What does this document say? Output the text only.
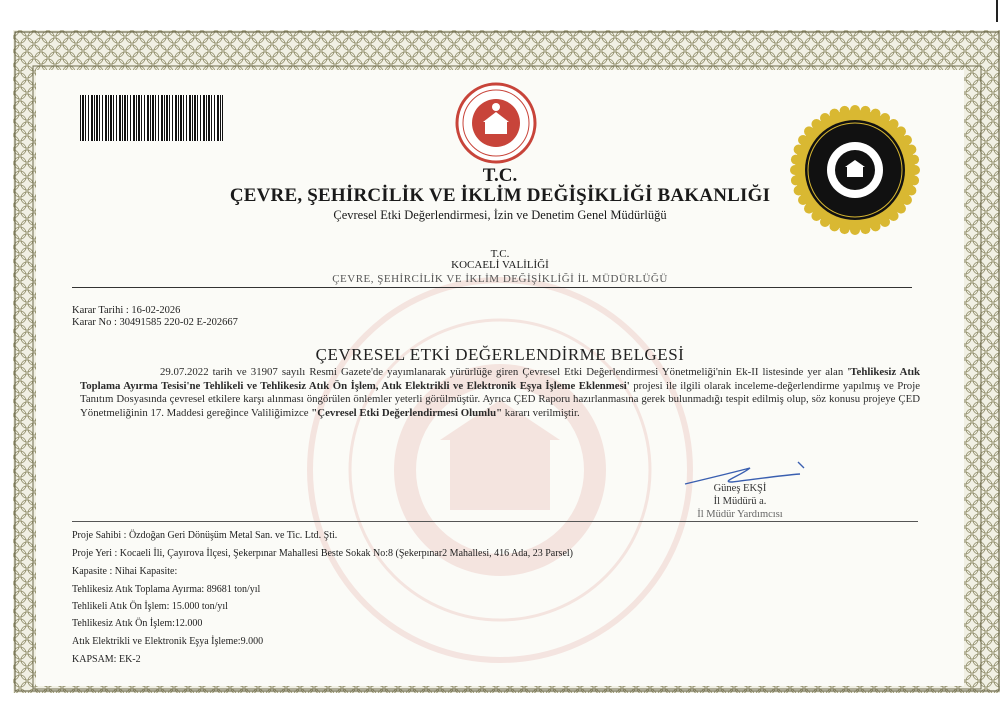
T.C.
ÇEVRE, ŞEHİRCİLİK VE İKLİM DEĞİŞİKLİĞİ BAKANLIĞI
Çevresel Etki Değerlendirmesi, İzin ve Denetim Genel Müdürlüğü
T.C.
KOCAELİ VALİLİĞİ
ÇEVRE, ŞEHİRCİLİK VE İKLİM DEĞİŞİKLİĞİ İL MÜDÜRLÜĞÜ
Karar Tarihi : 16-02-2026
Karar No : 30491585 220-02 E-202667
ÇEVRESEL ETKİ DEĞERLENDİRME BELGESİ

29.07.2022 tarih ve 31907 sayılı Resmi Gazete'de yayımlanarak yürürlüğe giren Çevresel Etki Değerlendirmesi Yönetmeliği'nin Ek-II listesinde yer alan 'Tehlikesiz Atık Toplama Ayırma Tesisi'ne Tehlikeli ve Tehlikesiz Atık Ön İşlem, Atık Elektrikli ve Elektronik Eşya İşleme Eklenmesi' projesi ile ilgili olarak inceleme-değerlendirme yapılmış ve Proje Tanıtım Dosyasında çevresel etkilere karşı alınması öngörülen önlemler yeterli görülmüştür. Ayrıca ÇED Raporu hazırlanmasına gerek bulunmadığı tespit edilmiş olup, söz konusu projeye ÇED Yönetmeliğinin 17. Maddesi gereğince Valiliğimizce "Çevresel Etki Değerlendirmesi Olumlu" kararı verilmiştir.

Güneş EKŞİ
İl Müdürü a.
İl Müdür Yardımcısı
Proje Sahibi : Özdoğan Geri Dönüşüm Metal San. ve Tic. Ltd. Şti.
Proje Yeri : Kocaeli İli, Çayırova İlçesi, Şekerpınar Mahallesi Beste Sokak No:8 (Şekerpınar2 Mahallesi, 416 Ada, 23 Parsel)
Kapasite : Nihai Kapasite:
Tehlikesiz Atık Toplama Ayırma: 89681 ton/yıl
Tehlikeli Atık Ön İşlem: 15.000 ton/yıl
Tehlikesiz Atık Ön İşlem:12.000
Atık Elektrikli ve Elektronik Eşya İşleme:9.000
KAPSAM: EK-2
